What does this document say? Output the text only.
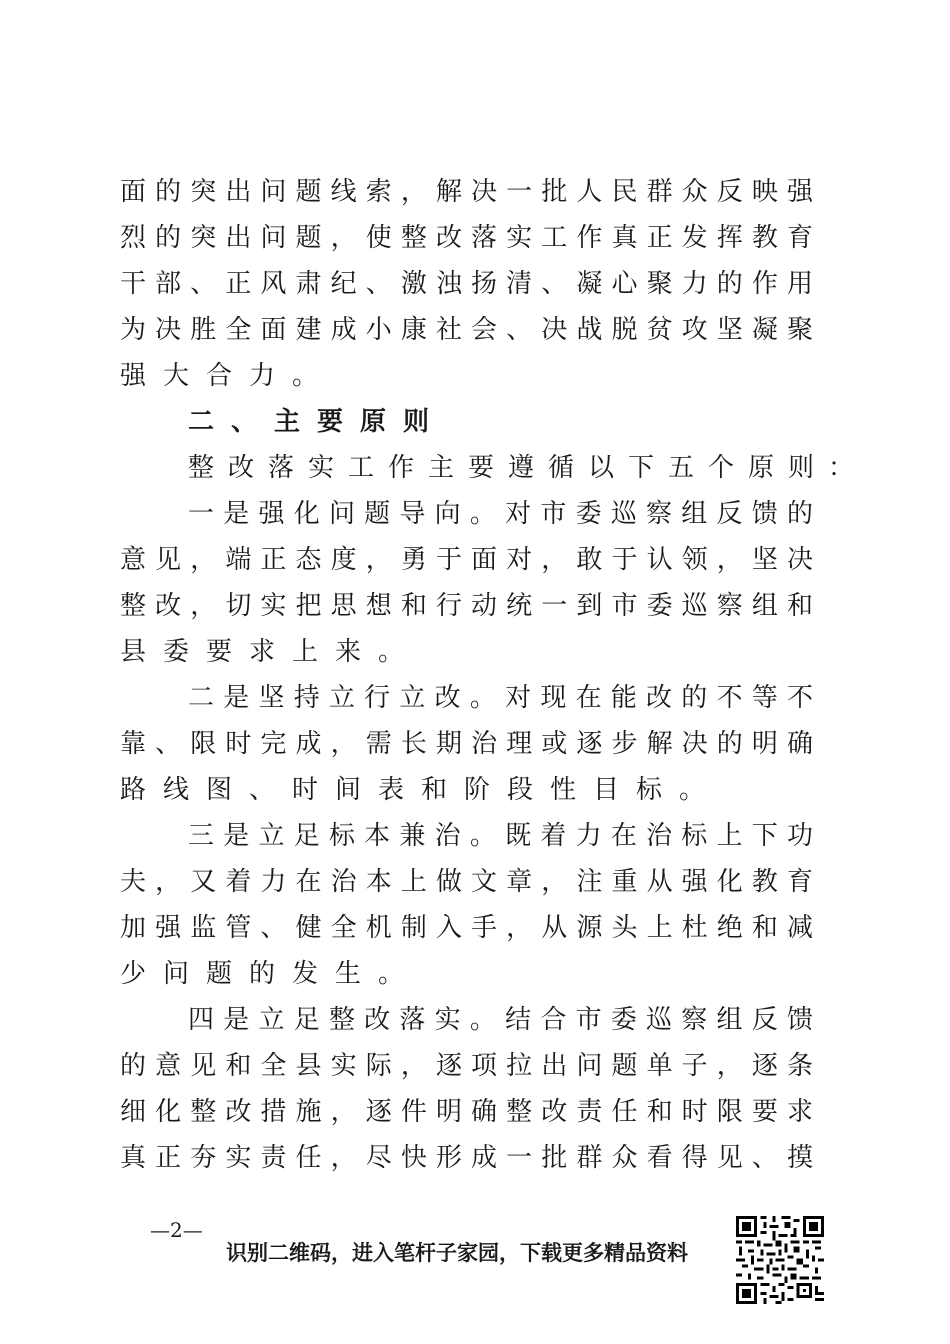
面的突出问题线索，解决一批人民群众反映强
烈的突出问题，使整改落实工作真正发挥教育
干部、正风肃纪、激浊扬清、凝心聚力的作用
为决胜全面建成小康社会、决战脱贫攻坚凝聚
强大合力。
二、主要原则
整改落实工作主要遵循以下五个原则：
一是强化问题导向。对市委巡察组反馈的
意见，端正态度，勇于面对，敢于认领，坚决
整改，切实把思想和行动统一到市委巡察组和
县委要求上来。
二是坚持立行立改。对现在能改的不等不
靠、限时完成，需长期治理或逐步解决的明确
路线图、时间表和阶段性目标。
三是立足标本兼治。既着力在治标上下功
夫，又着力在治本上做文章，注重从强化教育
加强监管、健全机制入手，从源头上杜绝和减
少问题的发生。
四是立足整改落实。结合市委巡察组反馈
的意见和全县实际，逐项拉出问题单子，逐条
细化整改措施，逐件明确整改责任和时限要求
真正夯实责任，尽快形成一批群众看得见、摸
—2—
识别二维码，进入笔杆子家园，下载更多精品资料
